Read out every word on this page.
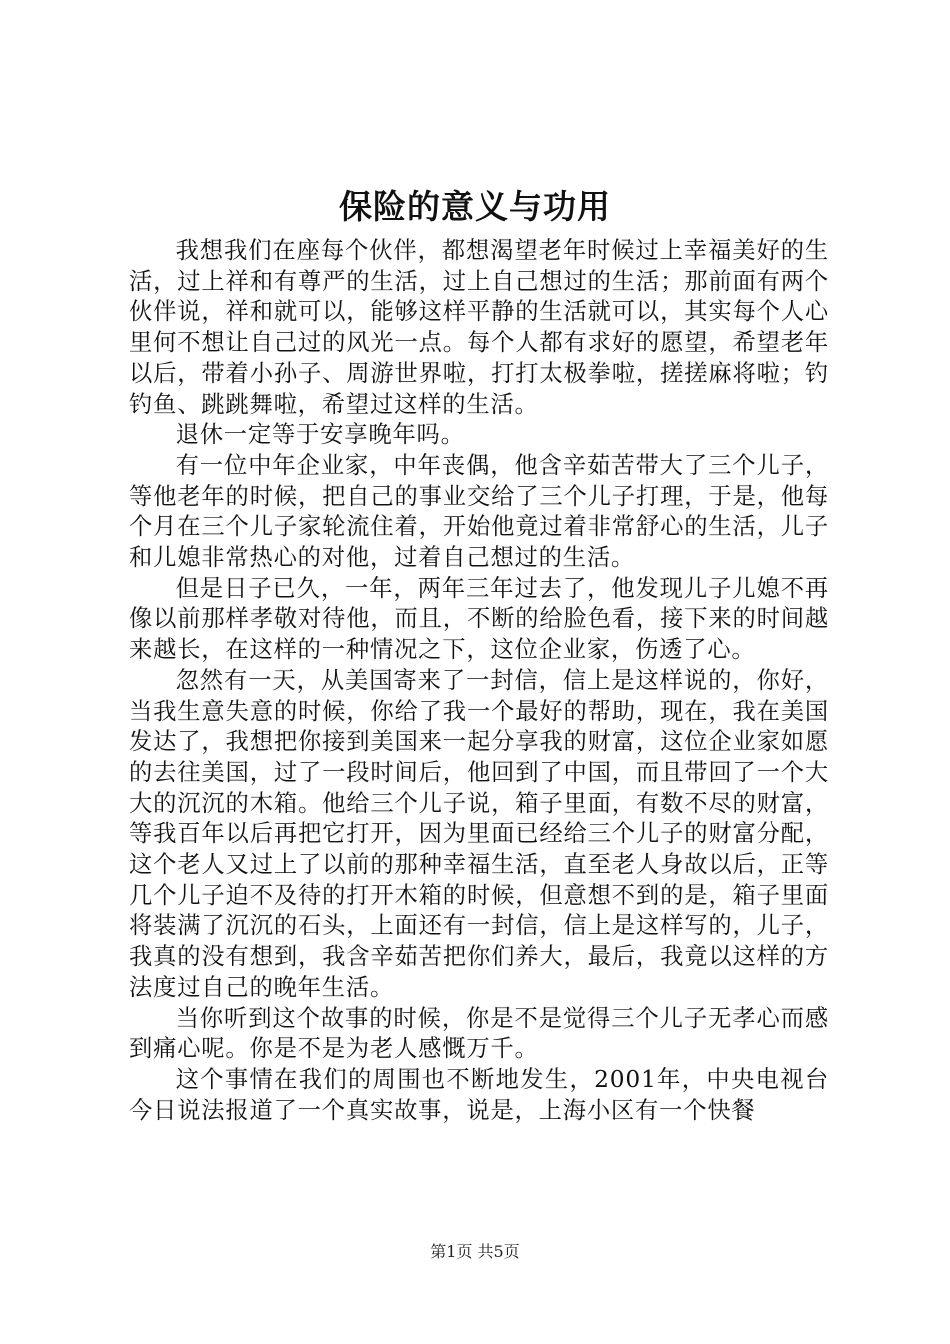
保险的意义与功用

我想我们在座每个伙伴，都想渴望老年时候过上幸福美好的生活，过上祥和有尊严的生活，过上自己想过的生活；那前面有两个伙伴说，祥和就可以，能够这样平静的生活就可以，其实每个人心里何不想让自己过的风光一点。每个人都有求好的愿望，希望老年以后，带着小孙子、周游世界啦，打打太极拳啦，搓搓麻将啦；钓钓鱼、跳跳舞啦，希望过这样的生活。

退休一定等于安享晚年吗。

有一位中年企业家，中年丧偶，他含辛茹苦带大了三个儿子，等他老年的时候，把自己的事业交给了三个儿子打理，于是，他每个月在三个儿子家轮流住着，开始他竟过着非常舒心的生活，儿子和儿媳非常热心的对他，过着自己想过的生活。

但是日子已久，一年，两年三年过去了，他发现儿子儿媳不再像以前那样孝敬对待他，而且，不断的给脸色看，接下来的时间越来越长，在这样的一种情况之下，这位企业家，伤透了心。

忽然有一天，从美国寄来了一封信，信上是这样说的，你好，当我生意失意的时候，你给了我一个最好的帮助，现在，我在美国发达了，我想把你接到美国来一起分享我的财富，这位企业家如愿的去往美国，过了一段时间后，他回到了中国，而且带回了一个大大的沉沉的木箱。他给三个儿子说，箱子里面，有数不尽的财富，等我百年以后再把它打开，因为里面已经给三个儿子的财富分配，这个老人又过上了以前的那种幸福生活，直至老人身故以后，正等几个儿子迫不及待的打开木箱的时候，但意想不到的是，箱子里面将装满了沉沉的石头，上面还有一封信，信上是这样写的，儿子，我真的没有想到，我含辛茹苦把你们养大，最后，我竟以这样的方法度过自己的晚年生活。

当你听到这个故事的时候，你是不是觉得三个儿子无孝心而感到痛心呢。你是不是为老人感慨万千。

这个事情在我们的周围也不断地发生，2001年，中央电视台今日说法报道了一个真实故事，说是，上海小区有一个快餐

第1页 共5页
